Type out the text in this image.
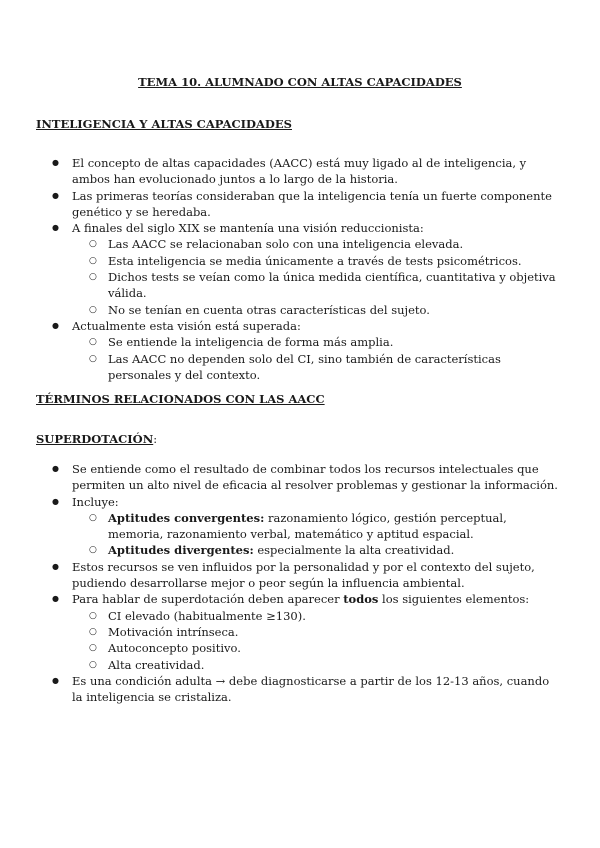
TEMA 10. ALUMNADO CON ALTAS CAPACIDADES
INTELIGENCIA Y ALTAS CAPACIDADES
● El concepto de altas capacidades (AACC) está muy ligado al de inteligencia, y ambos han evolucionado juntos a lo largo de la historia.
● Las primeras teorías consideraban que la inteligencia tenía un fuerte componente genético y se heredaba.
● A finales del siglo XIX se mantenía una visión reduccionista:
○ Las AACC se relacionaban solo con una inteligencia elevada.
○ Esta inteligencia se media únicamente a través de tests psicométricos.
○ Dichos tests se veían como la única medida científica, cuantitativa y objetiva válida.
○ No se tenían en cuenta otras características del sujeto.
● Actualmente esta visión está superada:
○ Se entiende la inteligencia de forma más amplia.
○ Las AACC no dependen solo del CI, sino también de características personales y del contexto.
TÉRMINOS RELACIONADOS CON LAS AACC

SUPERDOTACIÓN:

● Se entiende como el resultado de combinar todos los recursos intelectuales que permiten un alto nivel de eficacia al resolver problemas y gestionar la información.
● Incluye:
○ Aptitudes convergentes: razonamiento lógico, gestión perceptual, memoria, razonamiento verbal, matemático y aptitud espacial.
○ Aptitudes divergentes: especialmente la alta creatividad.
● Estos recursos se ven influidos por la personalidad y por el contexto del sujeto, pudiendo desarrollarse mejor o peor según la influencia ambiental.
● Para hablar de superdotación deben aparecer todos los siguientes elementos:
○ CI elevado (habitualmente ≥130).
○ Motivación intrínseca.
○ Autoconcepto positivo.
○ Alta creatividad.
● Es una condición adulta → debe diagnosticarse a partir de los 12-13 años, cuando la inteligencia se cristaliza.
